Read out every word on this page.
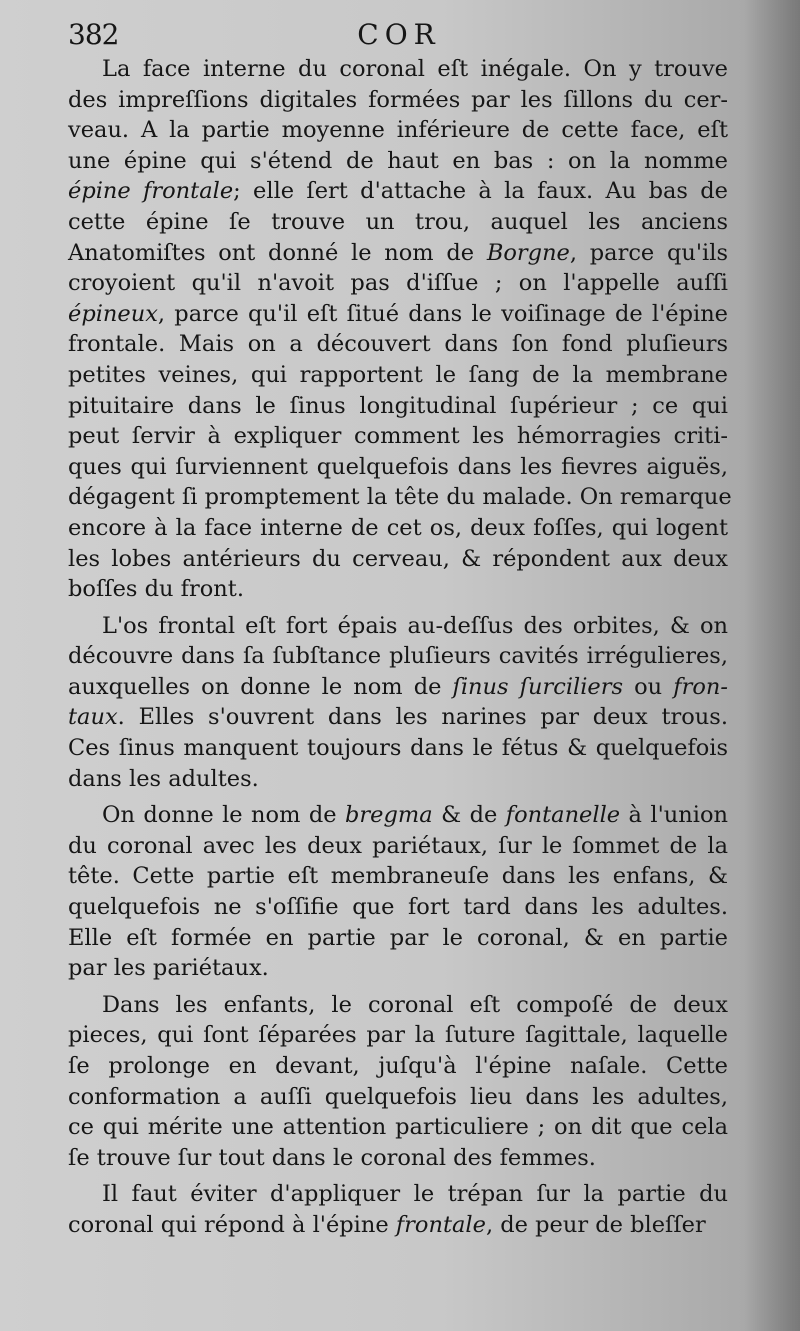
382	COR
La face interne du coronal eſt inégale. On y trouve
des impreſſions digitales formées par les ſillons du cer-
veau. A la partie moyenne inférieure de cette face, eſt
une épine qui s'étend de haut en bas : on la nomme
épine frontale; elle ſert d'attache à la faux. Au bas de
cette épine ſe trouve un trou, auquel les anciens
Anatomiſtes ont donné le nom de Borgne, parce qu'ils
croyoient qu'il n'avoit pas d'iſſue ; on l'appelle auſſi
épineux, parce qu'il eſt ſitué dans le voiſinage de l'épine
frontale. Mais on a découvert dans ſon fond pluſieurs
petites veines, qui rapportent le ſang de la membrane
pituitaire dans le ſinus longitudinal ſupérieur ; ce qui
peut ſervir à expliquer comment les hémorragies criti-
ques qui ſurviennent quelquefois dans les fievres aiguës,
dégagent ſi promptement la tête du malade. On remarque
encore à la face interne de cet os, deux foſſes, qui logent
les lobes antérieurs du cerveau, & répondent aux deux
boſſes du front.
L'os frontal eſt fort épais au-deſſus des orbites, & on
découvre dans ſa ſubſtance pluſieurs cavités irrégulieres,
auxquelles on donne le nom de ſinus ſurciliers ou fron-
taux. Elles s'ouvrent dans les narines par deux trous.
Ces ſinus manquent toujours dans le fétus & quelquefois
dans les adultes.
On donne le nom de bregma & de fontanelle à l'union
du coronal avec les deux pariétaux, ſur le ſommet de la
tête. Cette partie eſt membraneuſe dans les enfans, &
quelquefois ne s'oſſifie que fort tard dans les adultes.
Elle eſt formée en partie par le coronal, & en partie
par les pariétaux.
Dans les enfants, le coronal eſt compoſé de deux
pieces, qui ſont ſéparées par la ſuture ſagittale, laquelle
ſe prolonge en devant, juſqu'à l'épine naſale. Cette
conformation a auſſi quelquefois lieu dans les adultes,
ce qui mérite une attention particuliere ; on dit que cela
ſe trouve ſur tout dans le coronal des femmes.
Il faut éviter d'appliquer le trépan ſur la partie du
coronal qui répond à l'épine frontale, de peur de bleſſer
